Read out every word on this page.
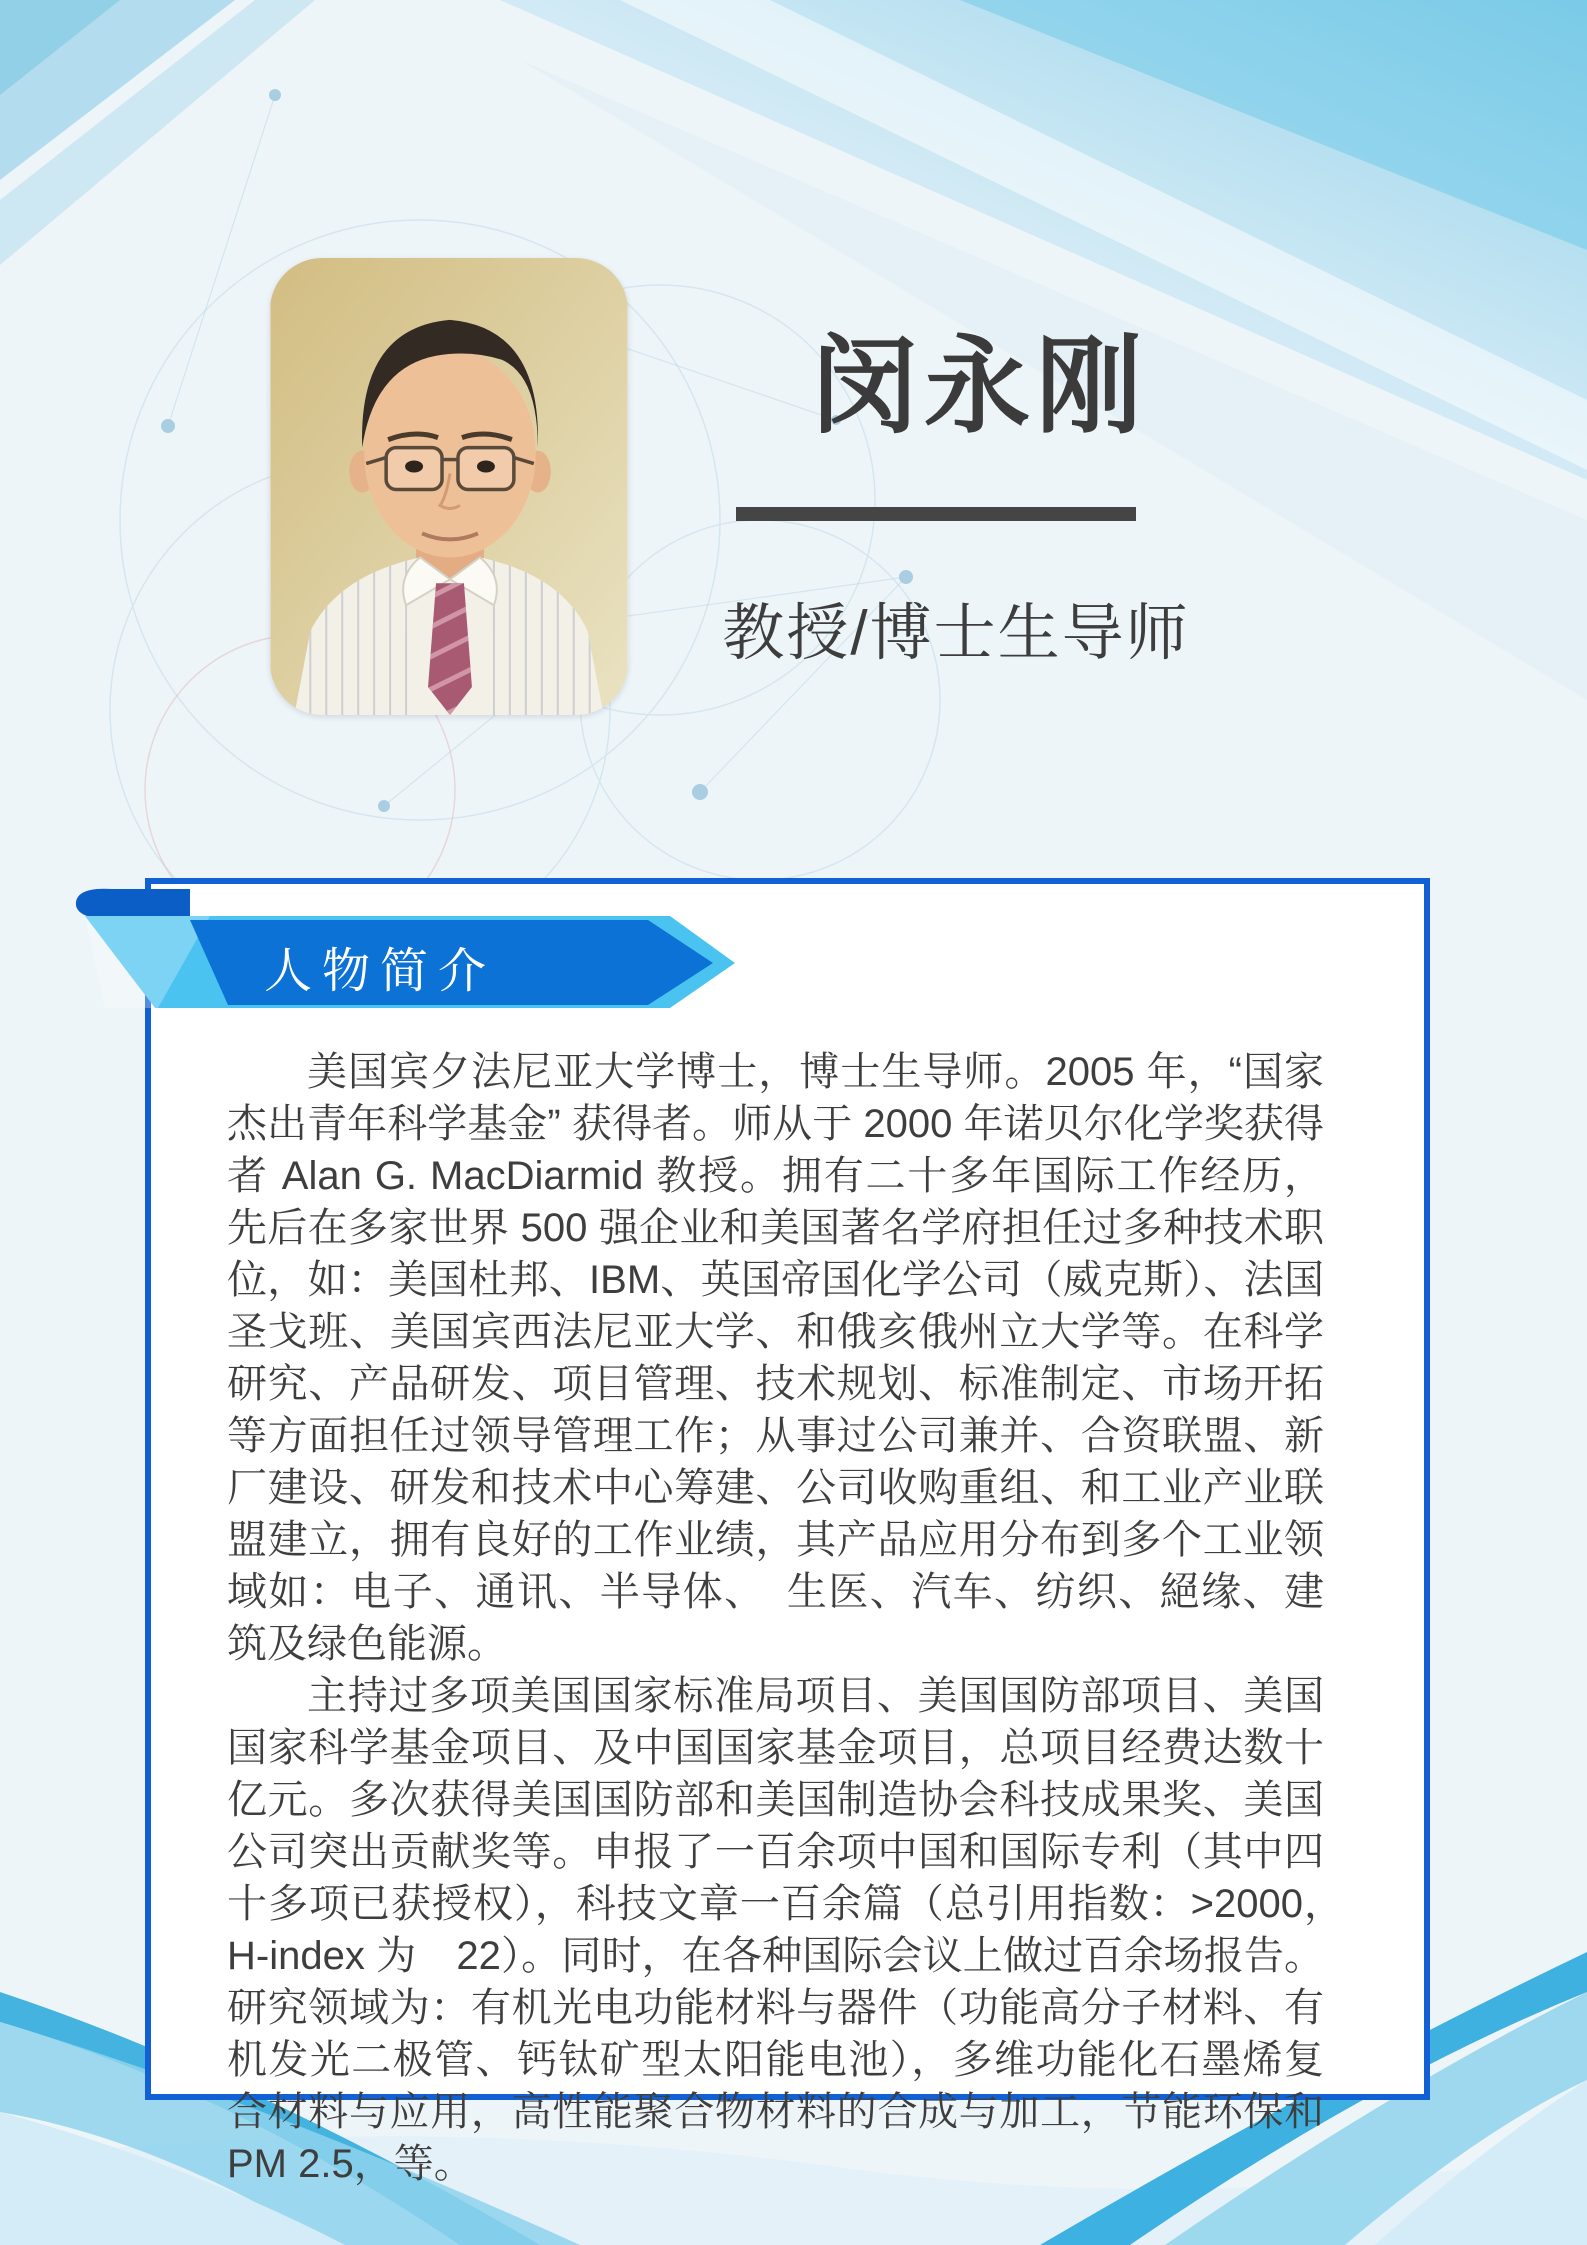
闵永刚
教授/博士生导师

美国宾夕法尼亚大学博士，博士生导师。2005 年，“国家杰出青年科学基金” 获得者。师从于 2000 年诺贝尔化学奖获得者 Alan G. MacDiarmid 教授。拥有二十多年国际工作经历，先后在多家世界 500 强企业和美国著名学府担任过多种技术职位，如：美国杜邦、IBM、英国帝国化学公司（威克斯）、法国圣戈班、美国宾西法尼亚大学、和俄亥俄州立大学等。在科学研究、产品研发、项目管理、技术规划、标准制定、市场开拓等方面担任过领导管理工作；从事过公司兼并、合资联盟、新厂建设、研发和技术中心筹建、公司收购重组、和工业产业联盟建立，拥有良好的工作业绩，其产品应用分布到多个工业领域如：电子、通讯、半导体、　生医、汽车、纺织、絕缘、建筑及绿色能源。

主持过多项美国国家标准局项目、美国国防部项目、美国国家科学基金项目、及中国国家基金项目，总项目经费达数十亿元。多次获得美国国防部和美国制造协会科技成果奖、美国公司突出贡献奖等。申报了一百余项中国和国际专利（其中四十多项已获授权），科技文章一百余篇（总引用指数：>2000，　H-index 为　22）。同时，在各种国际会议上做过百余场报告。研究领域为：有机光电功能材料与器件（功能高分子材料、有机发光二极管、钙钛矿型太阳能电池），多维功能化石墨烯复合材料与应用，高性能聚合物材料的合成与加工，节能环保和 PM 2.5，等。

人物简介
